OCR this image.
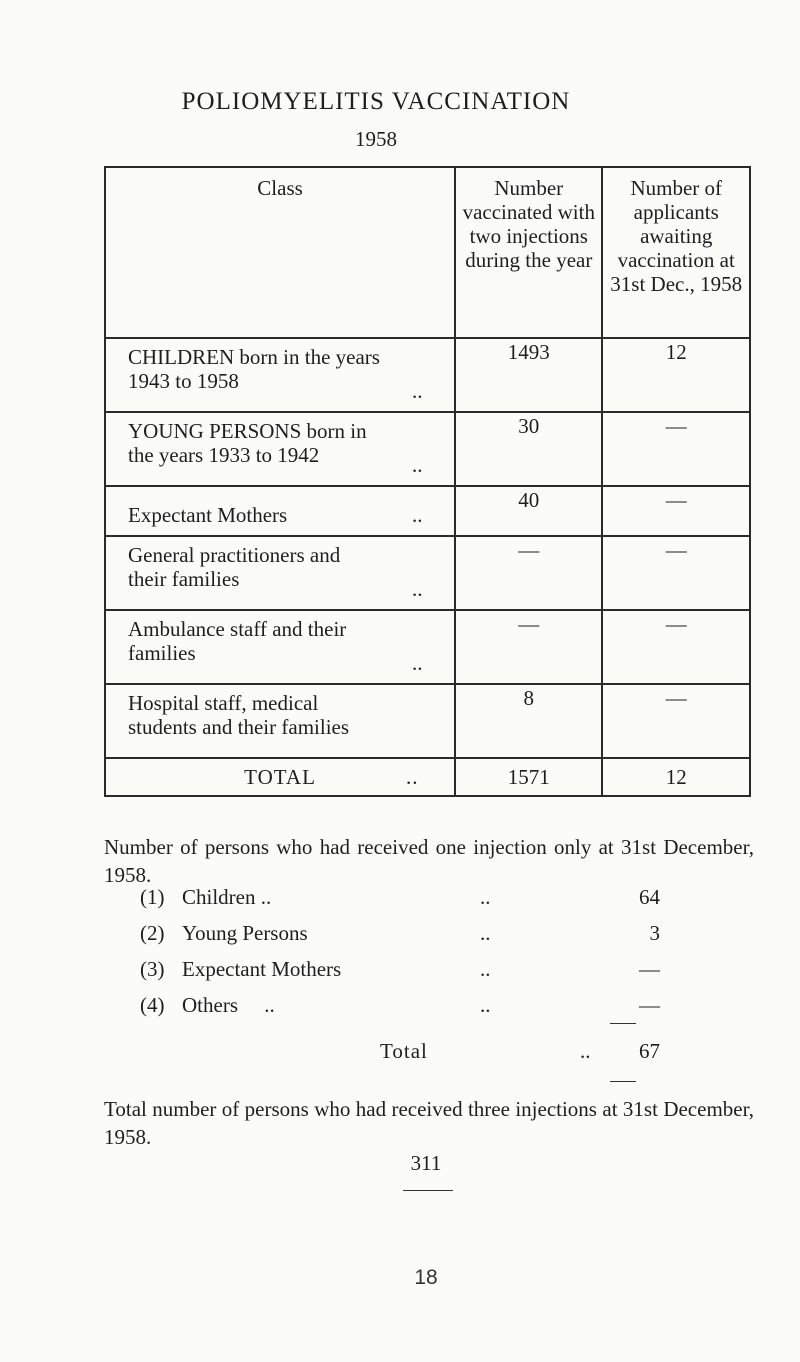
POLIOMYELITIS VACCINATION
1958
Class	Number vaccinated with two injections during the year	Number of applicants awaiting vaccination at 31st Dec., 1958
CHILDREN born in the years
1943 to 1958 ..	1493	12
YOUNG PERSONS born in
the years 1933 to 1942 ..	30	—
Expectant Mothers ..	40	—
General practitioners and
their families ..	—	—
Ambulance staff and their
families ..	—	—
Hospital staff, medical
students and their families	8	—
TOTAL ..	1571	12
Number of persons who had received one injection only at 31st December, 1958.
(1) Children ..	..	64
(2) Young Persons	..	3
(3) Expectant Mothers	..	—
(4) Others ..	..	—
Total	..	67
Total number of persons who had received three injections at 31st December, 1958.
311
18
